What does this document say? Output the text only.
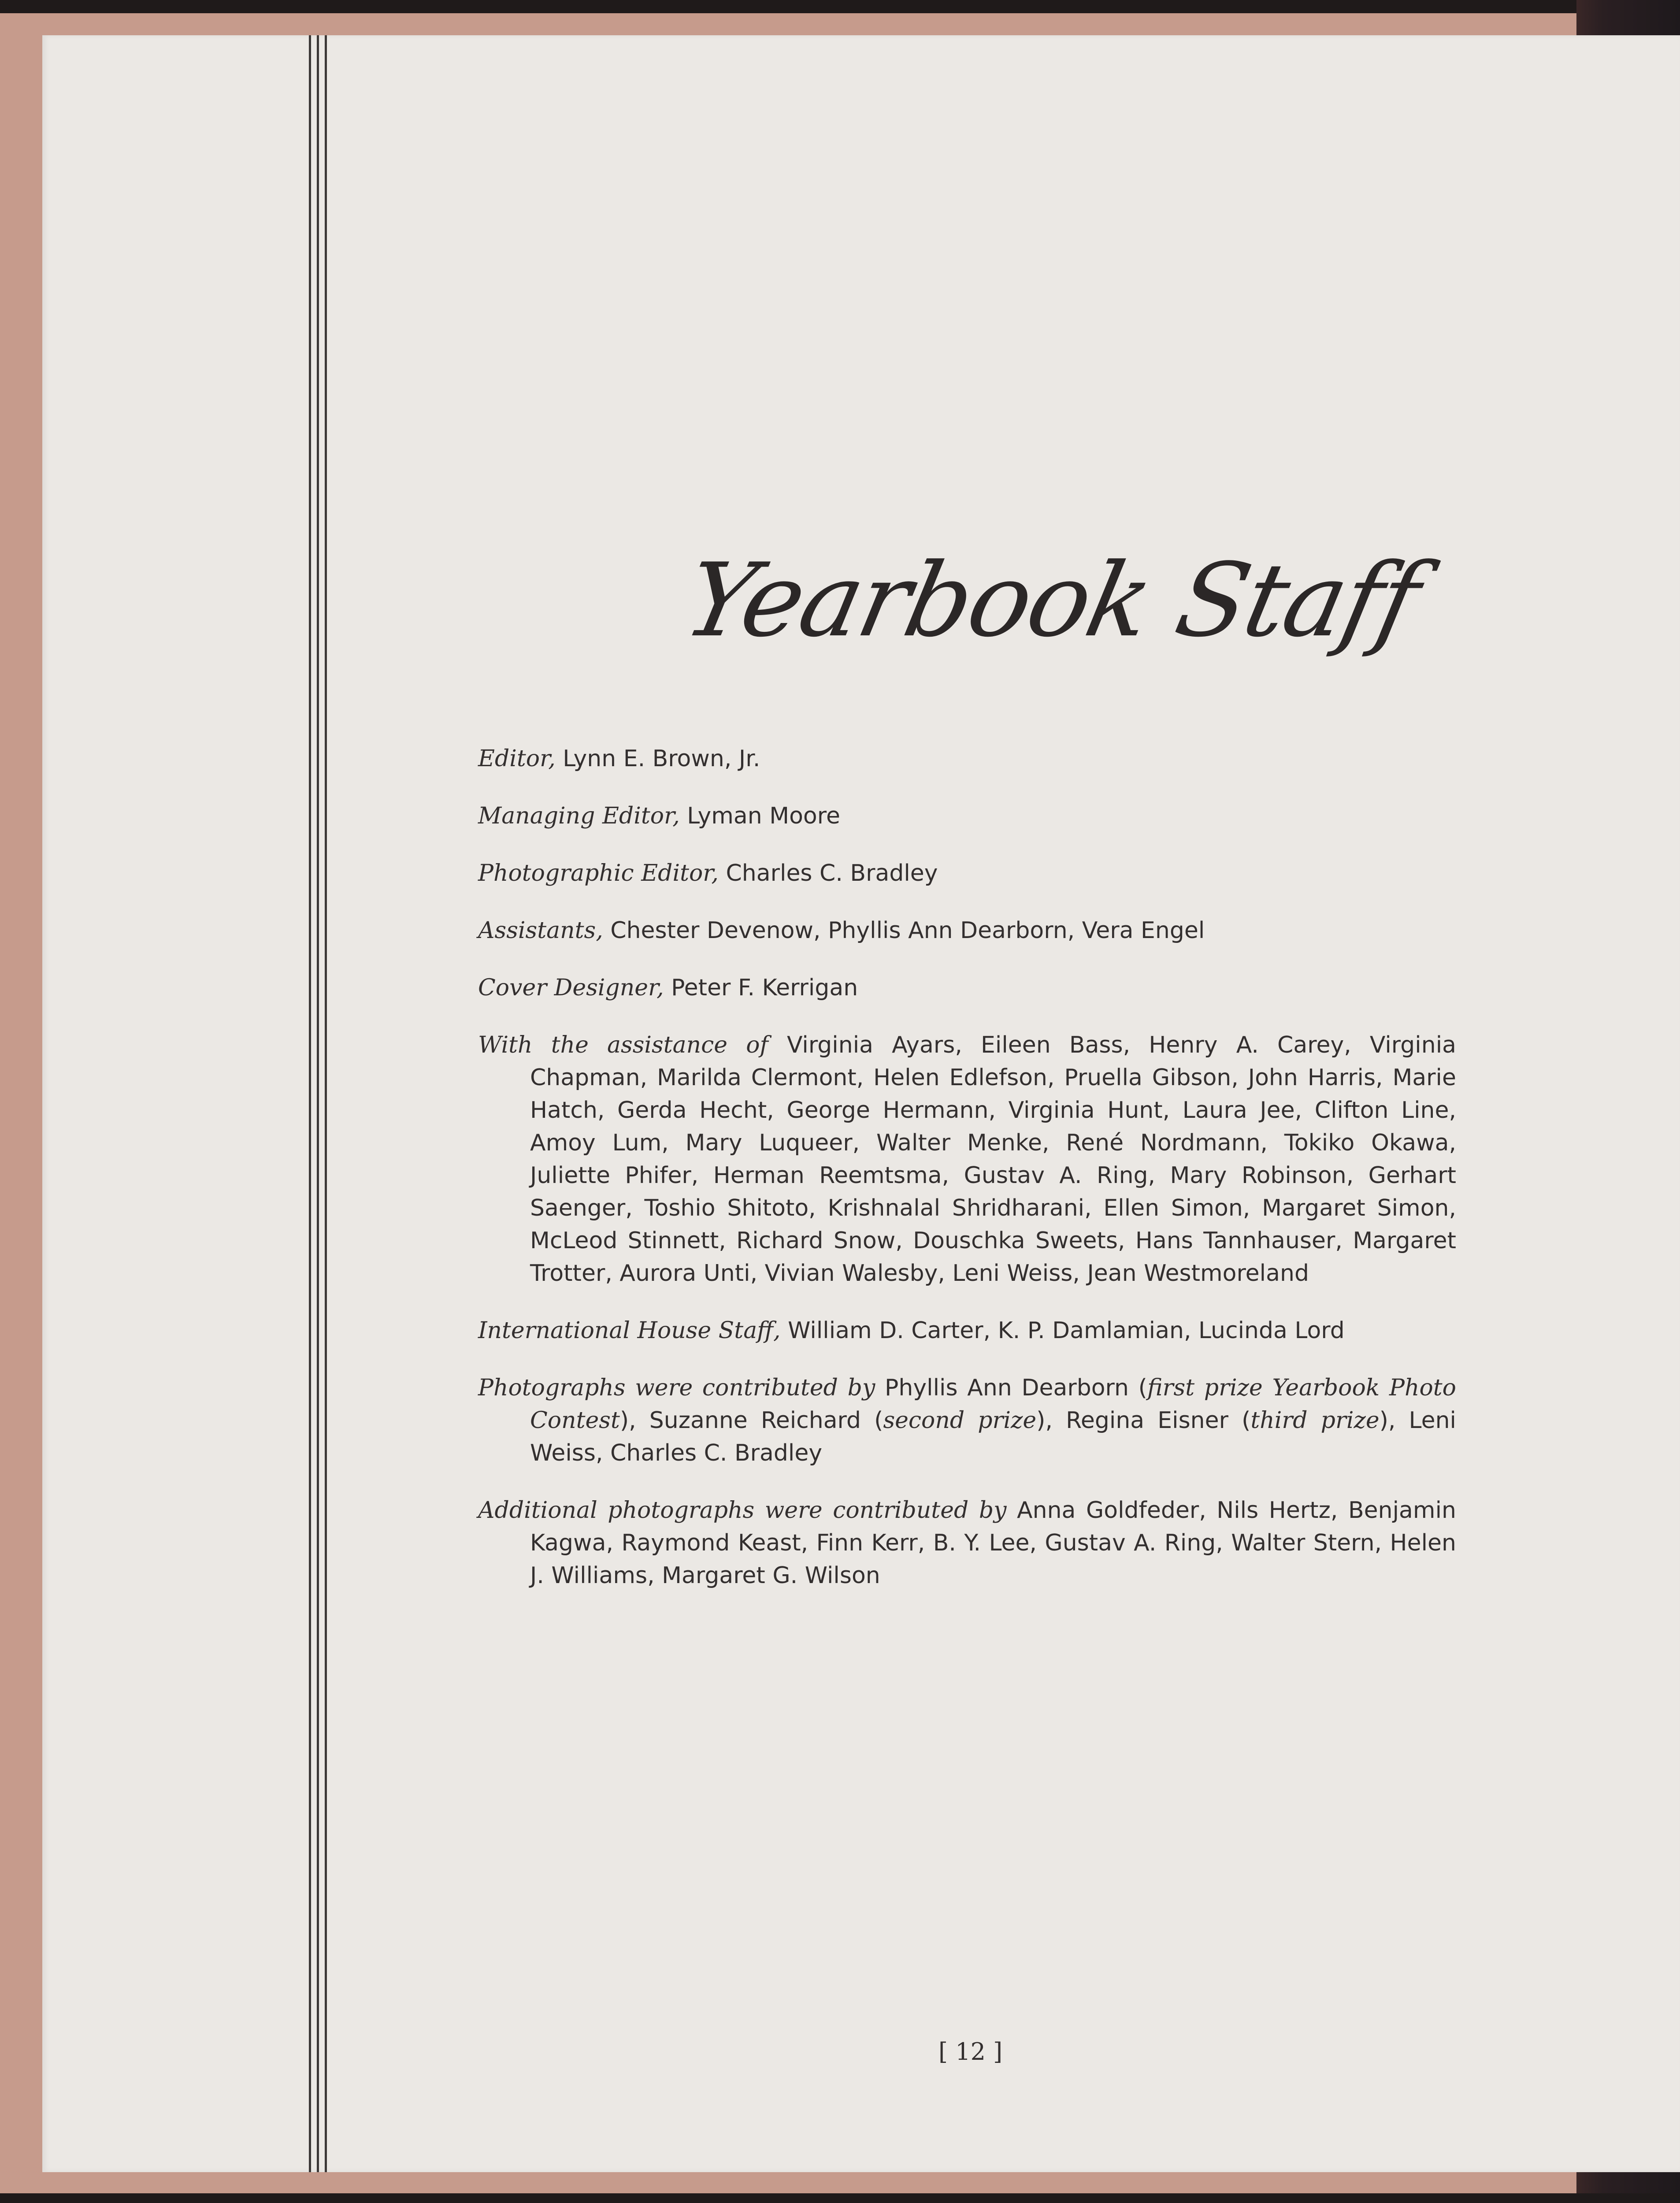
Yearbook Staff

Editor, Lynn E. Brown, Jr.

Managing Editor, Lyman Moore

Photographic Editor, Charles C. Bradley

Assistants, Chester Devenow, Phyllis Ann Dearborn, Vera Engel

Cover Designer, Peter F. Kerrigan

With the assistance of Virginia Ayars, Eileen Bass, Henry A. Carey, Virginia Chapman, Marilda Clermont, Helen Edlefson, Pruella Gibson, John Harris, Marie Hatch, Gerda Hecht, George Hermann, Virginia Hunt, Laura Jee, Clifton Line, Amoy Lum, Mary Luqueer, Walter Menke, René Nordmann, Tokiko Okawa, Juliette Phifer, Herman Reemtsma, Gustav A. Ring, Mary Robinson, Gerhart Saenger, Toshio Shitoto, Krishnalal Shridharani, Ellen Simon, Margaret Simon, McLeod Stinnett, Richard Snow, Douschka Sweets, Hans Tannhauser, Margaret Trotter, Aurora Unti, Vivian Walesby, Leni Weiss, Jean Westmoreland

International House Staff, William D. Carter, K. P. Damlamian, Lucinda Lord

Photographs were contributed by Phyllis Ann Dearborn (first prize Yearbook Photo Contest), Suzanne Reichard (second prize), Regina Eisner (third prize), Leni Weiss, Charles C. Bradley

Additional photographs were contributed by Anna Goldfeder, Nils Hertz, Benjamin Kagwa, Raymond Keast, Finn Kerr, B. Y. Lee, Gustav A. Ring, Walter Stern, Helen J. Williams, Margaret G. Wilson

[ 12 ]
